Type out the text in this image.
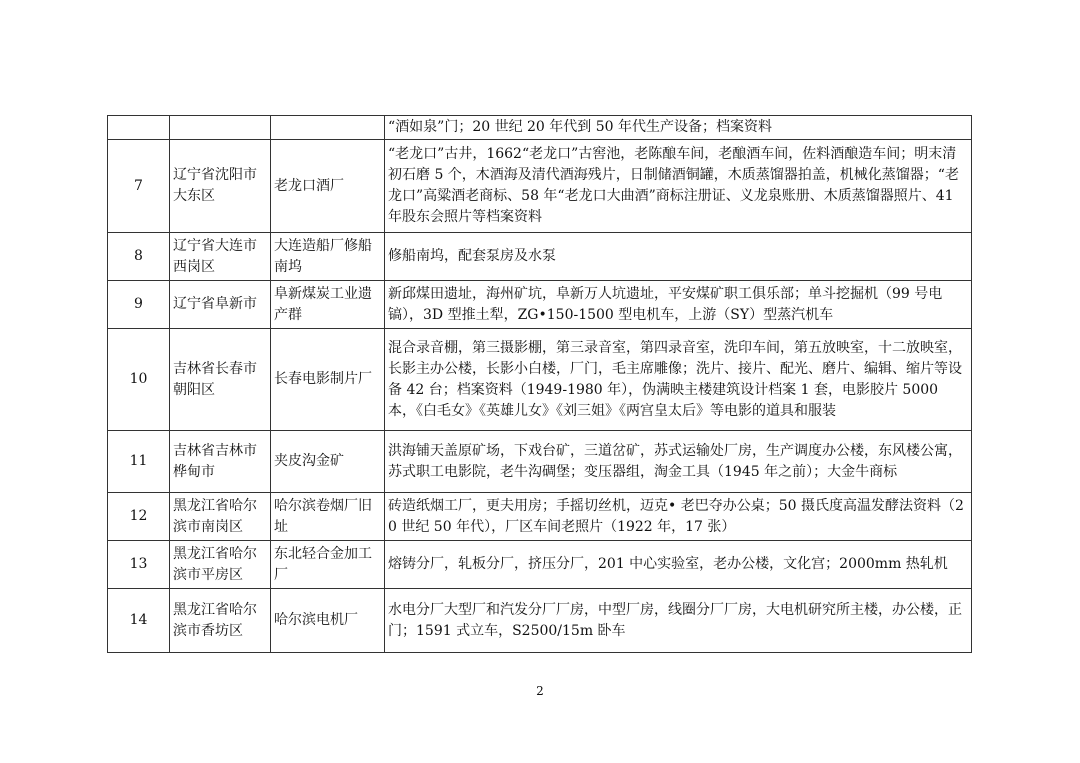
			“酒如泉”门；20 世纪 20 年代到 50 年代生产设备；档案资料
7	辽宁省沈阳市大东区	老龙口酒厂	“老龙口”古井，1662“老龙口”古窖池，老陈酿车间，老酿酒车间，佐料酒酿造车间；明末清初石磨 5 个，木酒海及清代酒海残片，日制储酒铜罐，木质蒸馏器拍盖，机械化蒸馏器；“老龙口”高粱酒老商标、58 年“老龙口大曲酒”商标注册证、义龙泉账册、木质蒸馏器照片、41 年股东会照片等档案资料
8	辽宁省大连市西岗区	大连造船厂修船南坞	修船南坞，配套泵房及水泵
9	辽宁省阜新市	阜新煤炭工业遗产群	新邱煤田遗址，海州矿坑，阜新万人坑遗址，平安煤矿职工俱乐部；单斗挖掘机（99 号电镐），3D 型推土犁，ZG•150-1500 型电机车，上游（SY）型蒸汽机车
10	吉林省长春市朝阳区	长春电影制片厂	混合录音棚，第三摄影棚，第三录音室，第四录音室，洗印车间，第五放映室，十二放映室，长影主办公楼，长影小白楼，厂门，毛主席雕像；洗片、接片、配光、磨片、编辑、缩片等设备 42 台；档案资料（1949-1980 年），伪满映主楼建筑设计档案 1 套，电影胶片 5000 本，《白毛女》《英雄儿女》《刘三姐》《两宫皇太后》等电影的道具和服装
11	吉林省吉林市桦甸市	夹皮沟金矿	洪海铺天盖原矿场，下戏台矿，三道岔矿，苏式运输处厂房，生产调度办公楼，东风楼公寓，苏式职工电影院，老牛沟碉堡；变压器组，淘金工具（1945 年之前）；大金牛商标
12	黑龙江省哈尔滨市南岗区	哈尔滨卷烟厂旧址	砖造纸烟工厂，更夫用房；手摇切丝机，迈克• 老巴夺办公桌；50 摄氏度高温发酵法资料（20 世纪 50 年代），厂区车间老照片（1922 年，17 张）
13	黑龙江省哈尔滨市平房区	东北轻合金加工厂	熔铸分厂，轧板分厂，挤压分厂，201 中心实验室，老办公楼，文化宫；2000mm 热轧机
14	黑龙江省哈尔滨市香坊区	哈尔滨电机厂	水电分厂大型厂和汽发分厂厂房，中型厂房，线圈分厂厂房，大电机研究所主楼，办公楼，正门；1591 式立车，S2500/15m 卧车
2
